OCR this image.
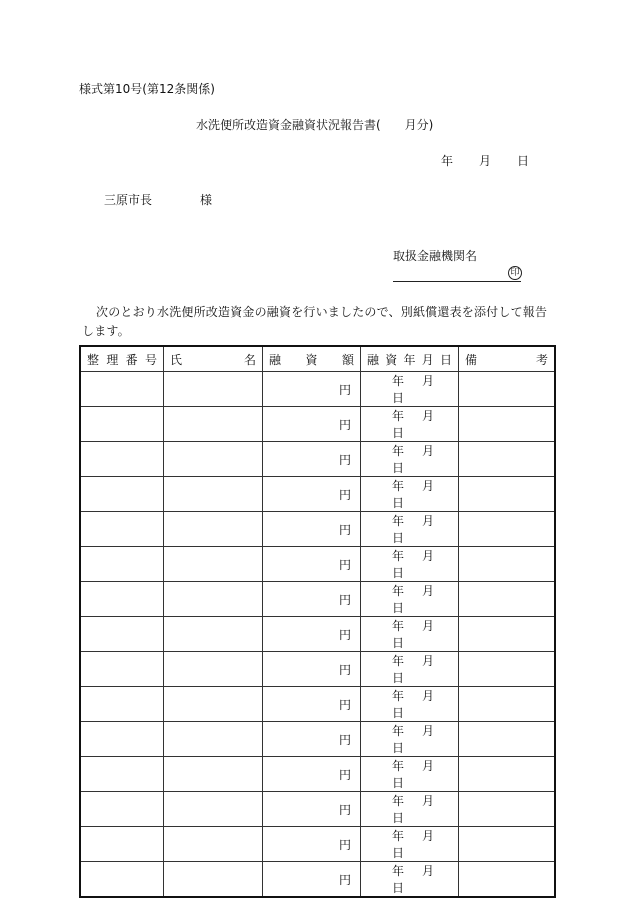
様式第10号(第12条関係)
水洗便所改造資金融資状況報告書(　　月分)
年 月 日
三原市長	様
取扱金融機関名
印
次のとおり水洗便所改造資金の融資を行いましたので、別紙償還表を添付して報告します。
整 理 番 号	氏 名	融 資 額	融 資 年 月 日	備 考

		円	年 月日	
		円	年 月日	
		円	年 月日	
		円	年 月日	
		円	年 月日	
		円	年 月日	
		円	年 月日	
		円	年 月日	
		円	年 月日	
		円	年 月日	
		円	年 月日	
		円	年 月日	
		円	年 月日	
		円	年 月日	
		円	年 月日	
